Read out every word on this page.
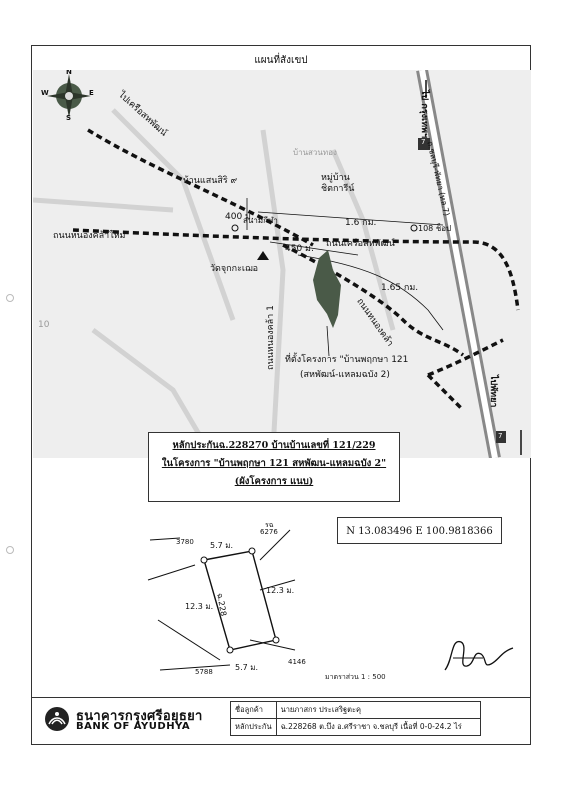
แผนที่สังเขป
N
S
E
W	ไปเครือสหพัฒน์	ไป กรุงเทพฯ
ถ.ชลบุรี-พัทยา (ทล.7)
บ้านแสนสิริ ๙
บ้านสวนทอง
หมู่บ้าน
ชิตการีน์
สนามกีฬา
108 ช็อป
400 ม.
1.6 กม.
ถนนหนองคล้าใหม่
ถนนเครือสหพัฒน์
450 ม.
วัดจุกกะเฌอ
1.65 กม.
ถนนหนองคล้า
ถนนหนองคล้า 1 ที่ตั้งโครงการ "บ้านพฤกษา 121
(สหพัฒน์-แหลมฉบัง 2)	ไปพัทยา
10
7
7
หลักประกันฉ.228270 บ้านบ้านเลขที่ 121/229
ในโครงการ "บ้านพฤกษา 121 สหพัฒน-แหลมฉบัง 2"
(ผังโครงการ แนบ)
N 13.083496 E 100.9818366
5.7 ม.
5.7 ม.
12.3 ม.
12.3 ม.
ฉ.228
3780
6276
5788
4146
รฉ
มาตราส่วน 1 : 500
ธนาคารกรุงศรีอยุธยา
BANK OF AYUDHYA
ชื่อลูกค้า	นายภาสกร ประเสริฐตะคุ
หลักประกัน	ฉ.228268 ต.บึง อ.ศรีราชา จ.ชลบุรี เนื้อที่ 0-0-24.2 ไร่
